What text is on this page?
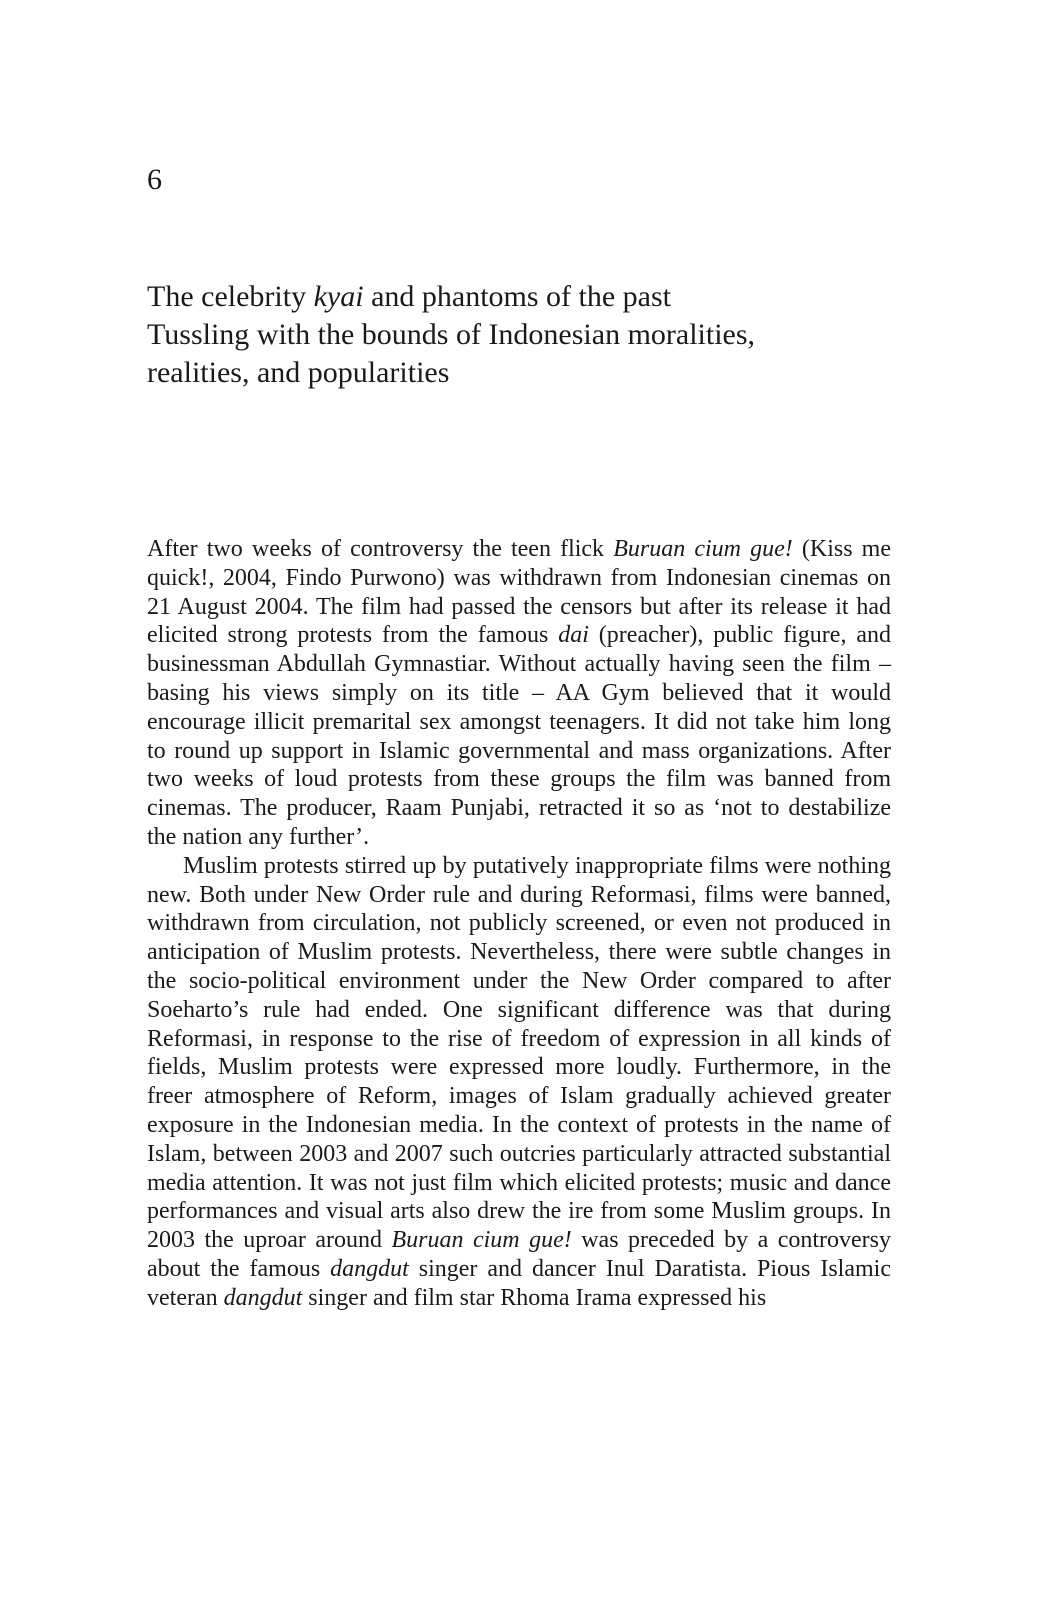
6
The celebrity kyai and phantoms of the past
Tussling with the bounds of Indonesian moralities,
realities, and popularities

After two weeks of controversy the teen flick Buruan cium gue! (Kiss me quick!, 2004, Findo Purwono) was withdrawn from Indonesian cinemas on 21 August 2004. The film had passed the censors but after its release it had elicited strong protests from the famous dai (preacher), public figure, and businessman Abdullah Gymnastiar. Without actually having seen the film – basing his views simply on its title – AA Gym believed that it would encourage illicit premarital sex amongst teenagers. It did not take him long to round up support in Islamic governmental and mass organizations. After two weeks of loud protests from these groups the film was banned from cinemas. The producer, Raam Punjabi, retracted it so as ‘not to destabilize the nation any further’.

Muslim protests stirred up by putatively inappropriate films were nothing new. Both under New Order rule and during Reformasi, films were banned, withdrawn from circulation, not publicly screened, or even not produced in anticipation of Muslim protests. Nevertheless, there were subtle changes in the socio-political environment under the New Order compared to after Soeharto’s rule had ended. One significant difference was that during Reformasi, in response to the rise of freedom of expression in all kinds of fields, Muslim protests were expressed more loudly. Furthermore, in the freer atmosphere of Reform, images of Islam gradually achieved greater exposure in the Indonesian media. In the context of protests in the name of Islam, between 2003 and 2007 such outcries particularly attracted substantial media attention. It was not just film which elicited protests; music and dance performances and visual arts also drew the ire from some Muslim groups. In 2003 the uproar around Buruan cium gue! was preceded by a controversy about the famous dangdut singer and dancer Inul Daratista. Pious Islamic veteran dangdut singer and film star Rhoma Irama expressed his
